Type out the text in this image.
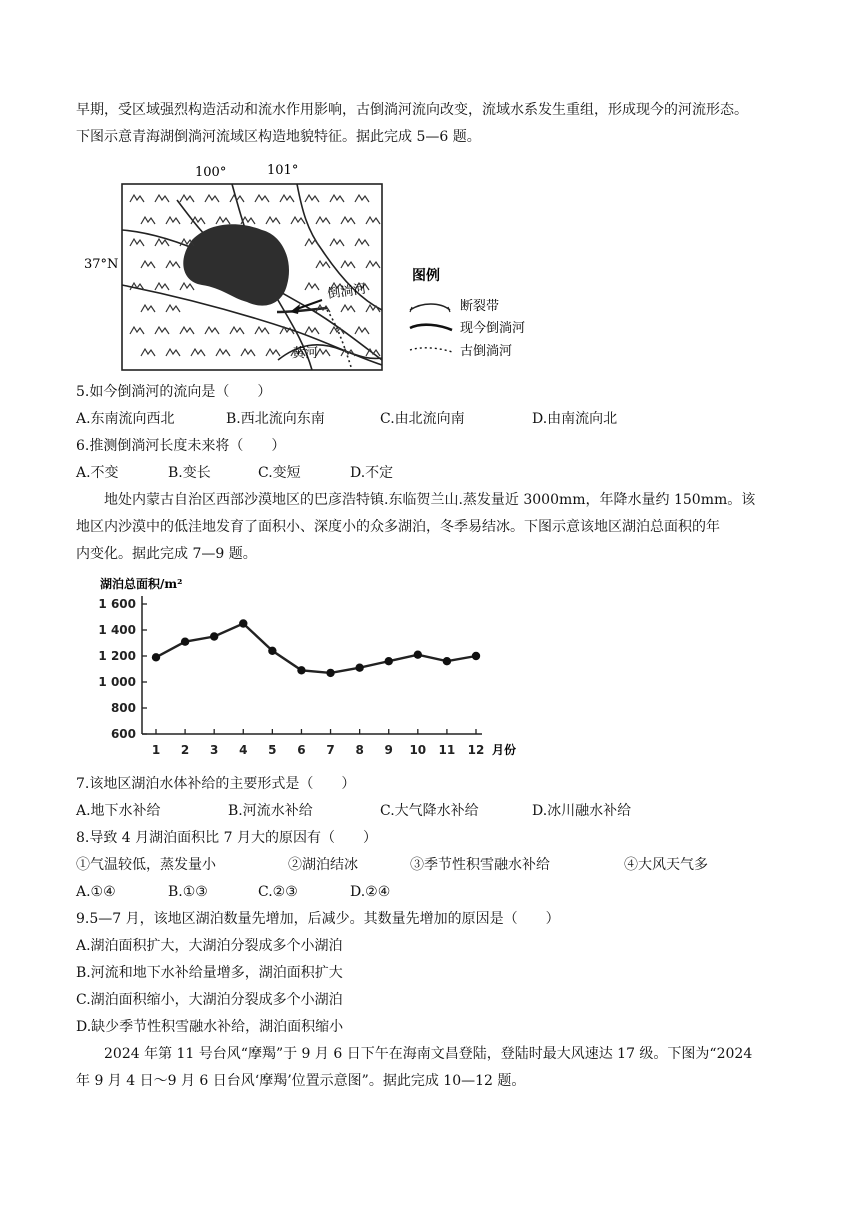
早期，受区域强烈构造活动和流水作用影响，古倒淌河流向改变，流域水系发生重组，形成现今的河流形态。
下图示意青海湖倒淌河流域区构造地貌特征。据此完成 5—6 题。
100°	101°
37°N
倒淌河
黄河
图例
断裂带
现今倒淌河
古倒淌河
5.如今倒淌河的流向是（　　）
A.东南流向西北	B.西北流向东南	C.由北流向南	D.由南流向北
6.推测倒淌河长度未来将（　　）
A.不变	B.变长	C.变短	D.不定
地处内蒙古自治区西部沙漠地区的巴彦浩特镇.东临贺兰山.蒸发量近 3000mm，年降水量约 150mm。该
地区内沙漠中的低洼地发育了面积小、深度小的众多湖泊，冬季易结冰。下图示意该地区湖泊总面积的年
内变化。据此完成 7—9 题。
湖泊总面积/m²
1 600
1 400
1 200
1 000
800
600
1 2 3 4 5 6 7 8 9 10 11 12 月份
7.该地区湖泊水体补给的主要形式是（　　）
A.地下水补给	B.河流水补给	C.大气降水补给	D.冰川融水补给
8.导致 4 月湖泊面积比 7 月大的原因有（　　）
①气温较低，蒸发量小	②湖泊结冰	③季节性积雪融水补给	④大风天气多
A.①④	B.①③	C.②③	D.②④
9.5—7 月，该地区湖泊数量先增加，后减少。其数量先增加的原因是（　　）
A.湖泊面积扩大，大湖泊分裂成多个小湖泊
B.河流和地下水补给量增多，湖泊面积扩大
C.湖泊面积缩小，大湖泊分裂成多个小湖泊
D.缺少季节性积雪融水补给，湖泊面积缩小
2024 年第 11 号台风“摩羯”于 9 月 6 日下午在海南文昌登陆，登陆时最大风速达 17 级。下图为“2024
年 9 月 4 日～9 月 6 日台风‘摩羯’位置示意图”。据此完成 10—12 题。
